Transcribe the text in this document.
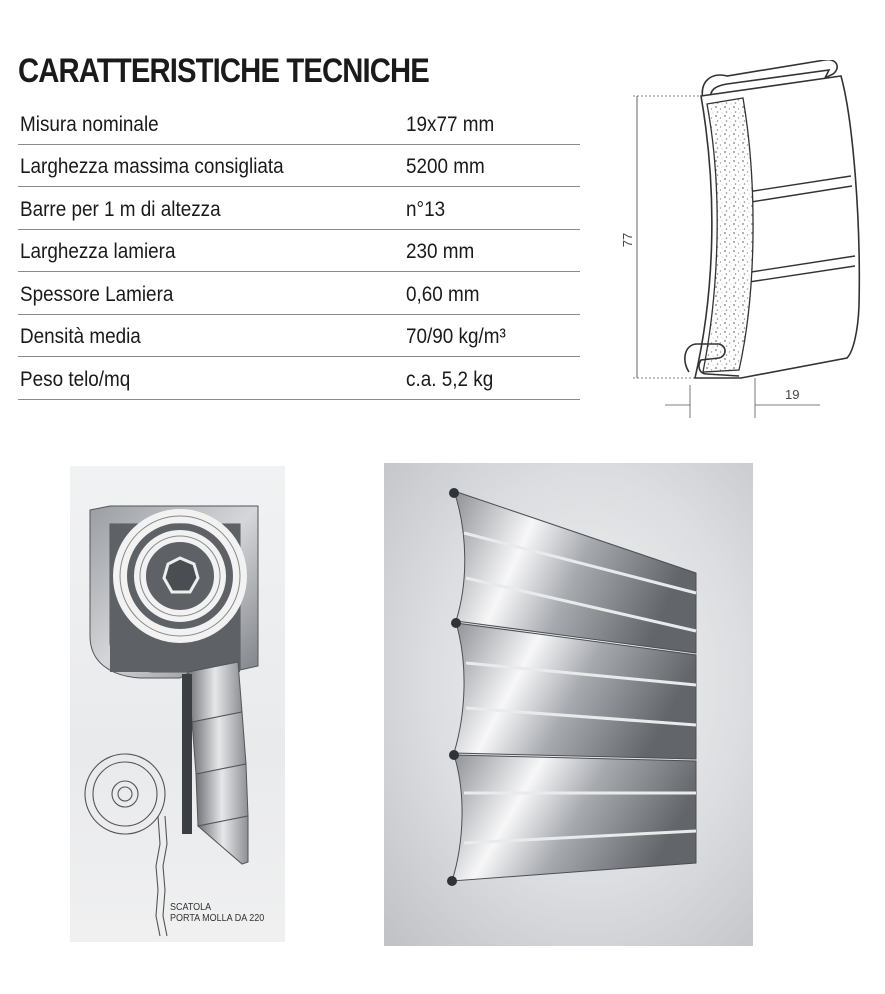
CARATTERISTICHE TECNICHE
Misura nominale	19x77 mm
Larghezza massima consigliata	5200 mm
Barre per 1 m di altezza	n°13
Larghezza lamiera	230 mm
Spessore Lamiera	0,60 mm
Densità media	70/90 kg/m³
Peso telo/mq	c.a. 5,2 kg
77
19
SCATOLA
PORTA MOLLA DA 220
